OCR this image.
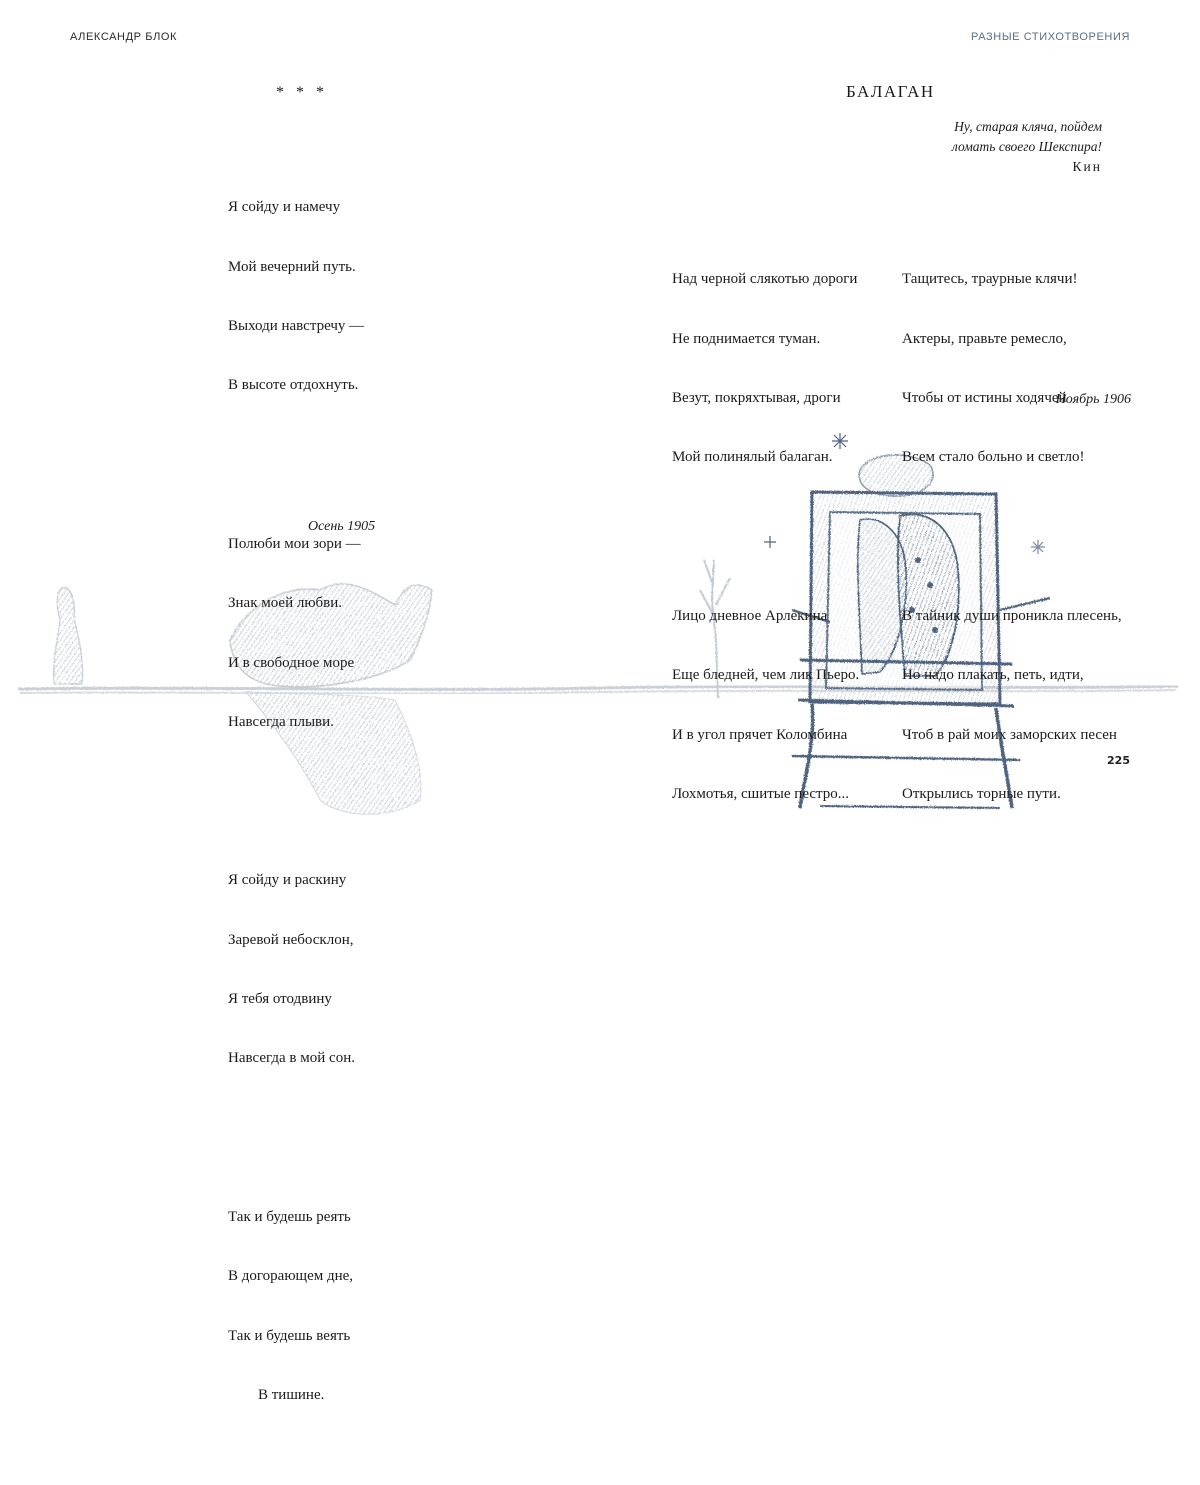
АЛЕКСАНДР БЛОК
* * *

Я сойду и намечу

Мой вечерний путь.

Выходи навстречу —

В высоте отдохнуть.

Полюби мои зори —

Знак моей любви.

И в свободное море

Навсегда плыви.

Я сойду и раскину

Заревой небосклон,

Я тебя отодвину

Навсегда в мой сон.

Так и будешь реять

В догорающем дне,

Так и будешь веять

В тишине.

Осень 1905
РАЗНЫЕ СТИХОТВОРЕНИЯ
БАЛАГАН
Ну, старая кляча, пойдем
ломать своего Шекспира!
Кин

Над черной слякотью дороги

Не поднимается туман.

Везут, покряхтывая, дроги

Мой полинялый балаган.

Лицо дневное Арлекина

Еще бледней, чем лик Пьеро.

И в угол прячет Коломбина

Лохмотья, сшитые пестро...

Тащитесь, траурные клячи!

Актеры, правьте ремесло,

Чтобы от истины ходячей

Всем стало больно и светло!

В тайник души проникла плесень,

Но надо плакать, петь, идти,

Чтоб в рай моих заморских песен

Открылись торные пути.

Ноябрь 1906
225
